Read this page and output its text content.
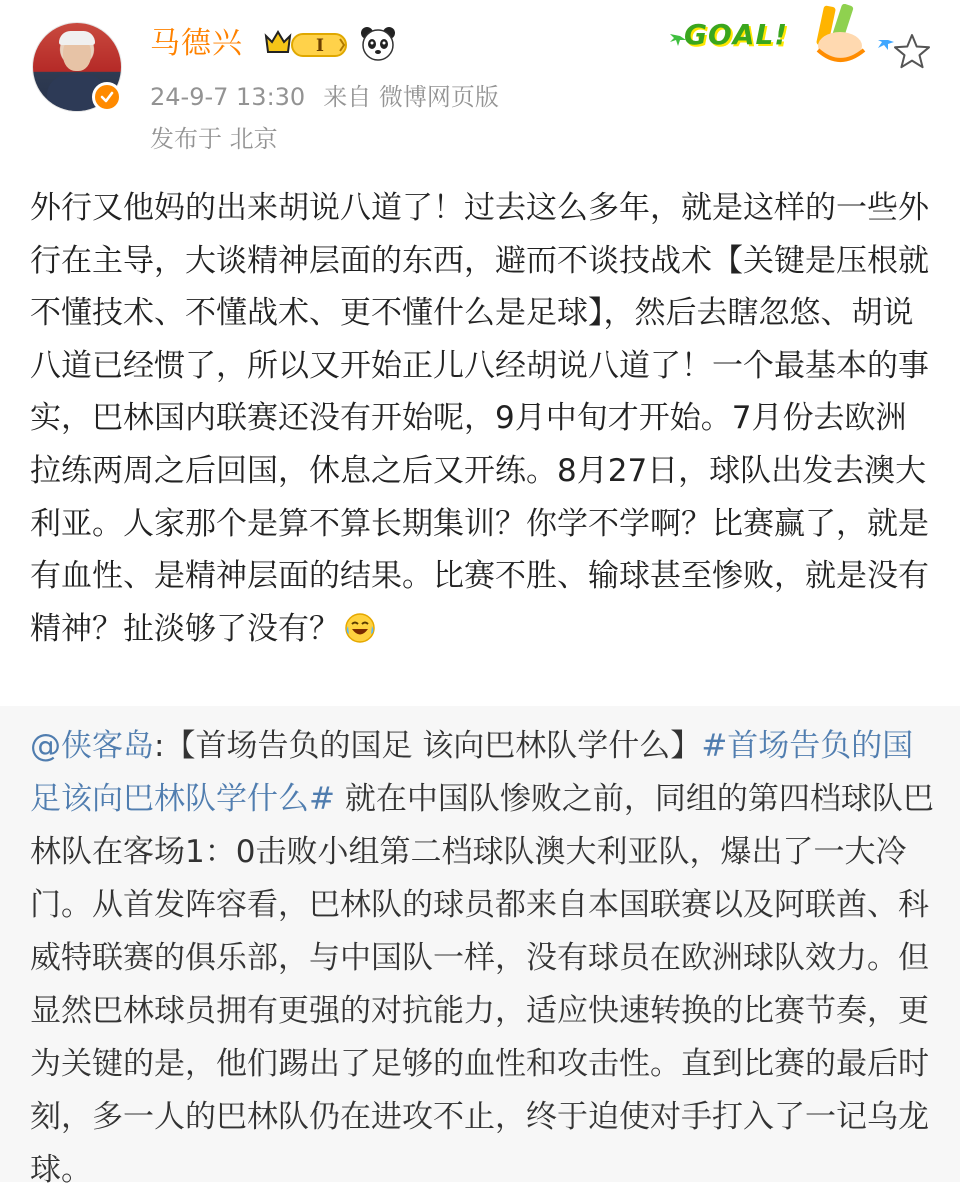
马德兴	I
24-9-7 13:30 来自 微博网页版
发布于 北京
GOAL!
外行又他妈的出来胡说八道了！过去这么多年，就是这样的一些外行在主导，大谈精神层面的东西，避而不谈技战术【关键是压根就不懂技术、不懂战术、更不懂什么是足球】，然后去瞎忽悠、胡说八道已经惯了，所以又开始正儿八经胡说八道了！一个最基本的事实，巴林国内联赛还没有开始呢，9月中旬才开始。7月份去欧洲拉练两周之后回国，休息之后又开练。8月27日，球队出发去澳大利亚。人家那个是算不算长期集训？你学不学啊？比赛赢了，就是有血性、是精神层面的结果。比赛不胜、输球甚至惨败，就是没有精神？扯淡够了没有？
@侠客岛:【首场告负的国足 该向巴林队学什么】#首场告负的国足该向巴林队学什么# 就在中国队惨败之前，同组的第四档球队巴林队在客场1：0击败小组第二档球队澳大利亚队，爆出了一大冷门。从首发阵容看，巴林队的球员都来自本国联赛以及阿联酋、科威特联赛的俱乐部，与中国队一样，没有球员在欧洲球队效力。但显然巴林球员拥有更强的对抗能力，适应快速转换的比赛节奏，更为关键的是，他们踢出了足够的血性和攻击性。直到比赛的最后时刻，多一人的巴林队仍在进攻不止，终于迫使对手打入了一记乌龙球。
